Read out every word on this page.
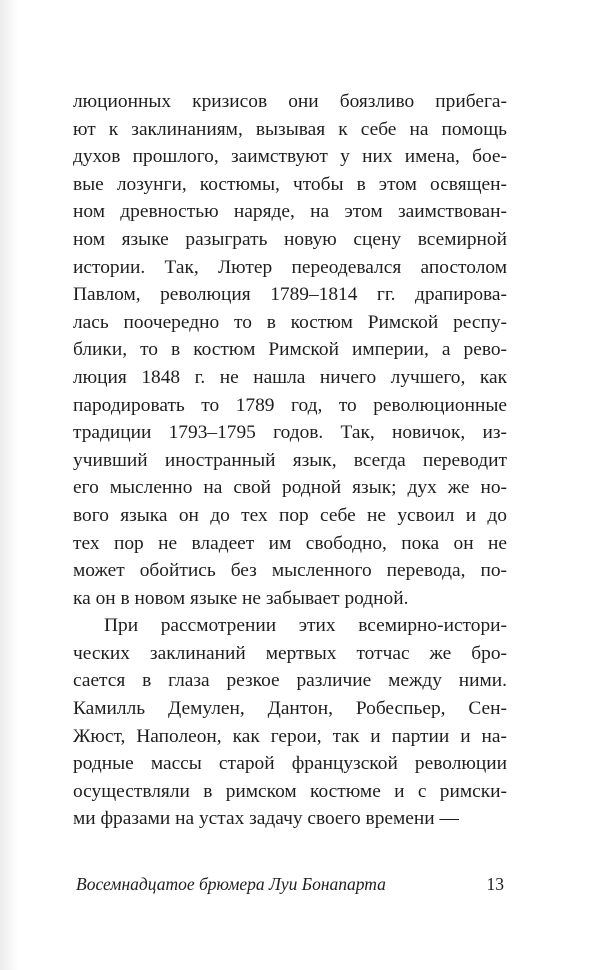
люционных кризисов они боязливо прибега-
ют к заклинаниям, вызывая к себе на помощь
духов прошлого, заимствуют у них имена, бое-
вые лозунги, костюмы, чтобы в этом освящен-
ном древностью наряде, на этом заимствован-
ном языке разыграть новую сцену всемирной
истории. Так, Лютер переодевался апостолом
Павлом, революция 1789–1814 гг. драпирова-
лась поочередно то в костюм Римской респу-
блики, то в костюм Римской империи, а рево-
люция 1848 г. не нашла ничего лучшего, как
пародировать то 1789 год, то революционные
традиции 1793–1795 годов. Так, новичок, из-
учивший иностранный язык, всегда переводит
его мысленно на свой родной язык; дух же но-
вого языка он до тех пор себе не усвоил и до
тех пор не владеет им свободно, пока он не
может обойтись без мысленного перевода, по-
ка он в новом языке не забывает родной.
При рассмотрении этих всемирно-истори-
ческих заклинаний мертвых тотчас же бро-
сается в глаза резкое различие между ними.
Камилль Демулен, Дантон, Робеспьер, Сен-
Жюст, Наполеон, как герои, так и партии и на-
родные массы старой французской революции
осуществляли в римском костюме и с римски-
ми фразами на устах задачу своего времени —
Восемнадцатое брюмера Луи Бонапарта	13
